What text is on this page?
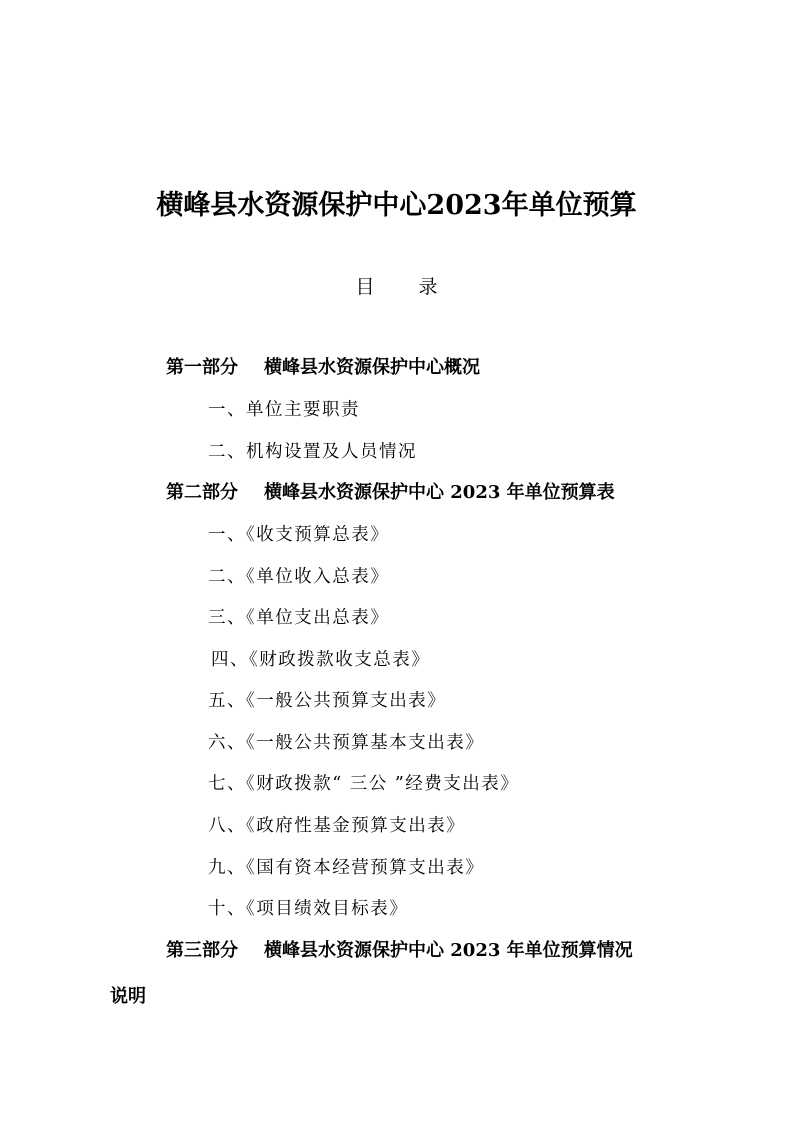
横峰县水资源保护中心2023年单位预算
目录
第一部分 横峰县水资源保护中心概况
一、单位主要职责
二、机构设置及人员情况
第二部分 横峰县水资源保护中心 2023 年单位预算表
一、《收支预算总表》
二、《单位收入总表》
三、《单位支出总表》
四、《财政拨款收支总表》
五、《一般公共预算支出表》
六、《一般公共预算基本支出表》
七、《财政拨款“ 三公 ”经费支出表》
八、《政府性基金预算支出表》
九、《国有资本经营预算支出表》
十、《项目绩效目标表》
第三部分 横峰县水资源保护中心 2023 年单位预算情况
说明
